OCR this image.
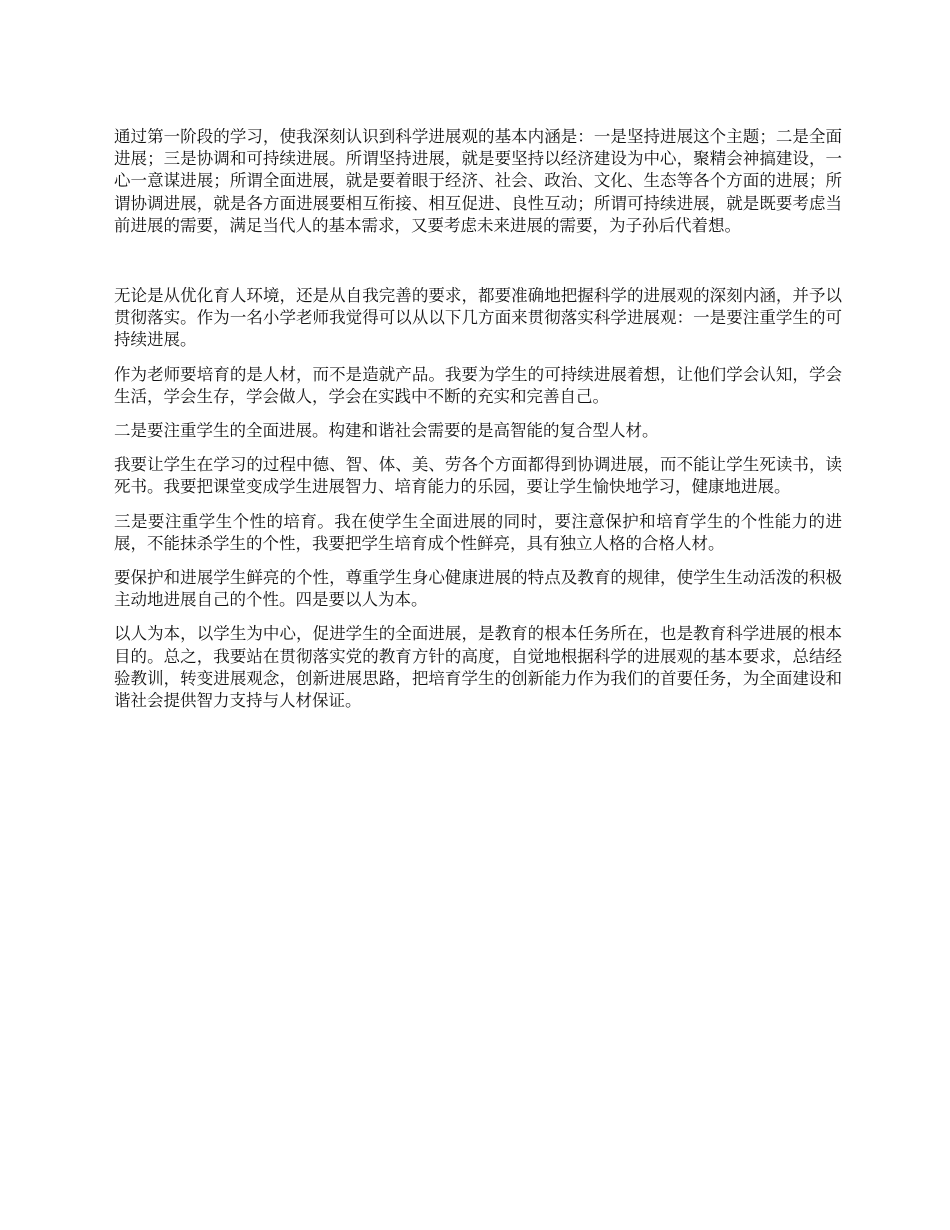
通过第一阶段的学习，使我深刻认识到科学进展观的基本内涵是：一是坚持进展这个主题；二是全面进展；三是协调和可持续进展。所谓坚持进展，就是要坚持以经济建设为中心，聚精会神搞建设，一心一意谋进展；所谓全面进展，就是要着眼于经济、社会、政治、文化、生态等各个方面的进展；所谓协调进展，就是各方面进展要相互衔接、相互促进、良性互动；所谓可持续进展，就是既要考虑当前进展的需要，满足当代人的基本需求，又要考虑未来进展的需要，为子孙后代着想。

无论是从优化育人环境，还是从自我完善的要求，都要准确地把握科学的进展观的深刻内涵，并予以贯彻落实。作为一名小学老师我觉得可以从以下几方面来贯彻落实科学进展观：一是要注重学生的可持续进展。

作为老师要培育的是人材，而不是造就产品。我要为学生的可持续进展着想，让他们学会认知，学会生活，学会生存，学会做人，学会在实践中不断的充实和完善自己。

二是要注重学生的全面进展。构建和谐社会需要的是高智能的复合型人材。

我要让学生在学习的过程中德、智、体、美、劳各个方面都得到协调进展，而不能让学生死读书，读死书。我要把课堂变成学生进展智力、培育能力的乐园，要让学生愉快地学习，健康地进展。

三是要注重学生个性的培育。我在使学生全面进展的同时，要注意保护和培育学生的个性能力的进展，不能抹杀学生的个性，我要把学生培育成个性鲜亮，具有独立人格的合格人材。

要保护和进展学生鲜亮的个性，尊重学生身心健康进展的特点及教育的规律，使学生生动活泼的积极主动地进展自己的个性。四是要以人为本。

以人为本，以学生为中心，促进学生的全面进展，是教育的根本任务所在，也是教育科学进展的根本目的。总之，我要站在贯彻落实党的教育方针的高度，自觉地根据科学的进展观的基本要求，总结经验教训，转变进展观念，创新进展思路，把培育学生的创新能力作为我们的首要任务，为全面建设和谐社会提供智力支持与人材保证。
